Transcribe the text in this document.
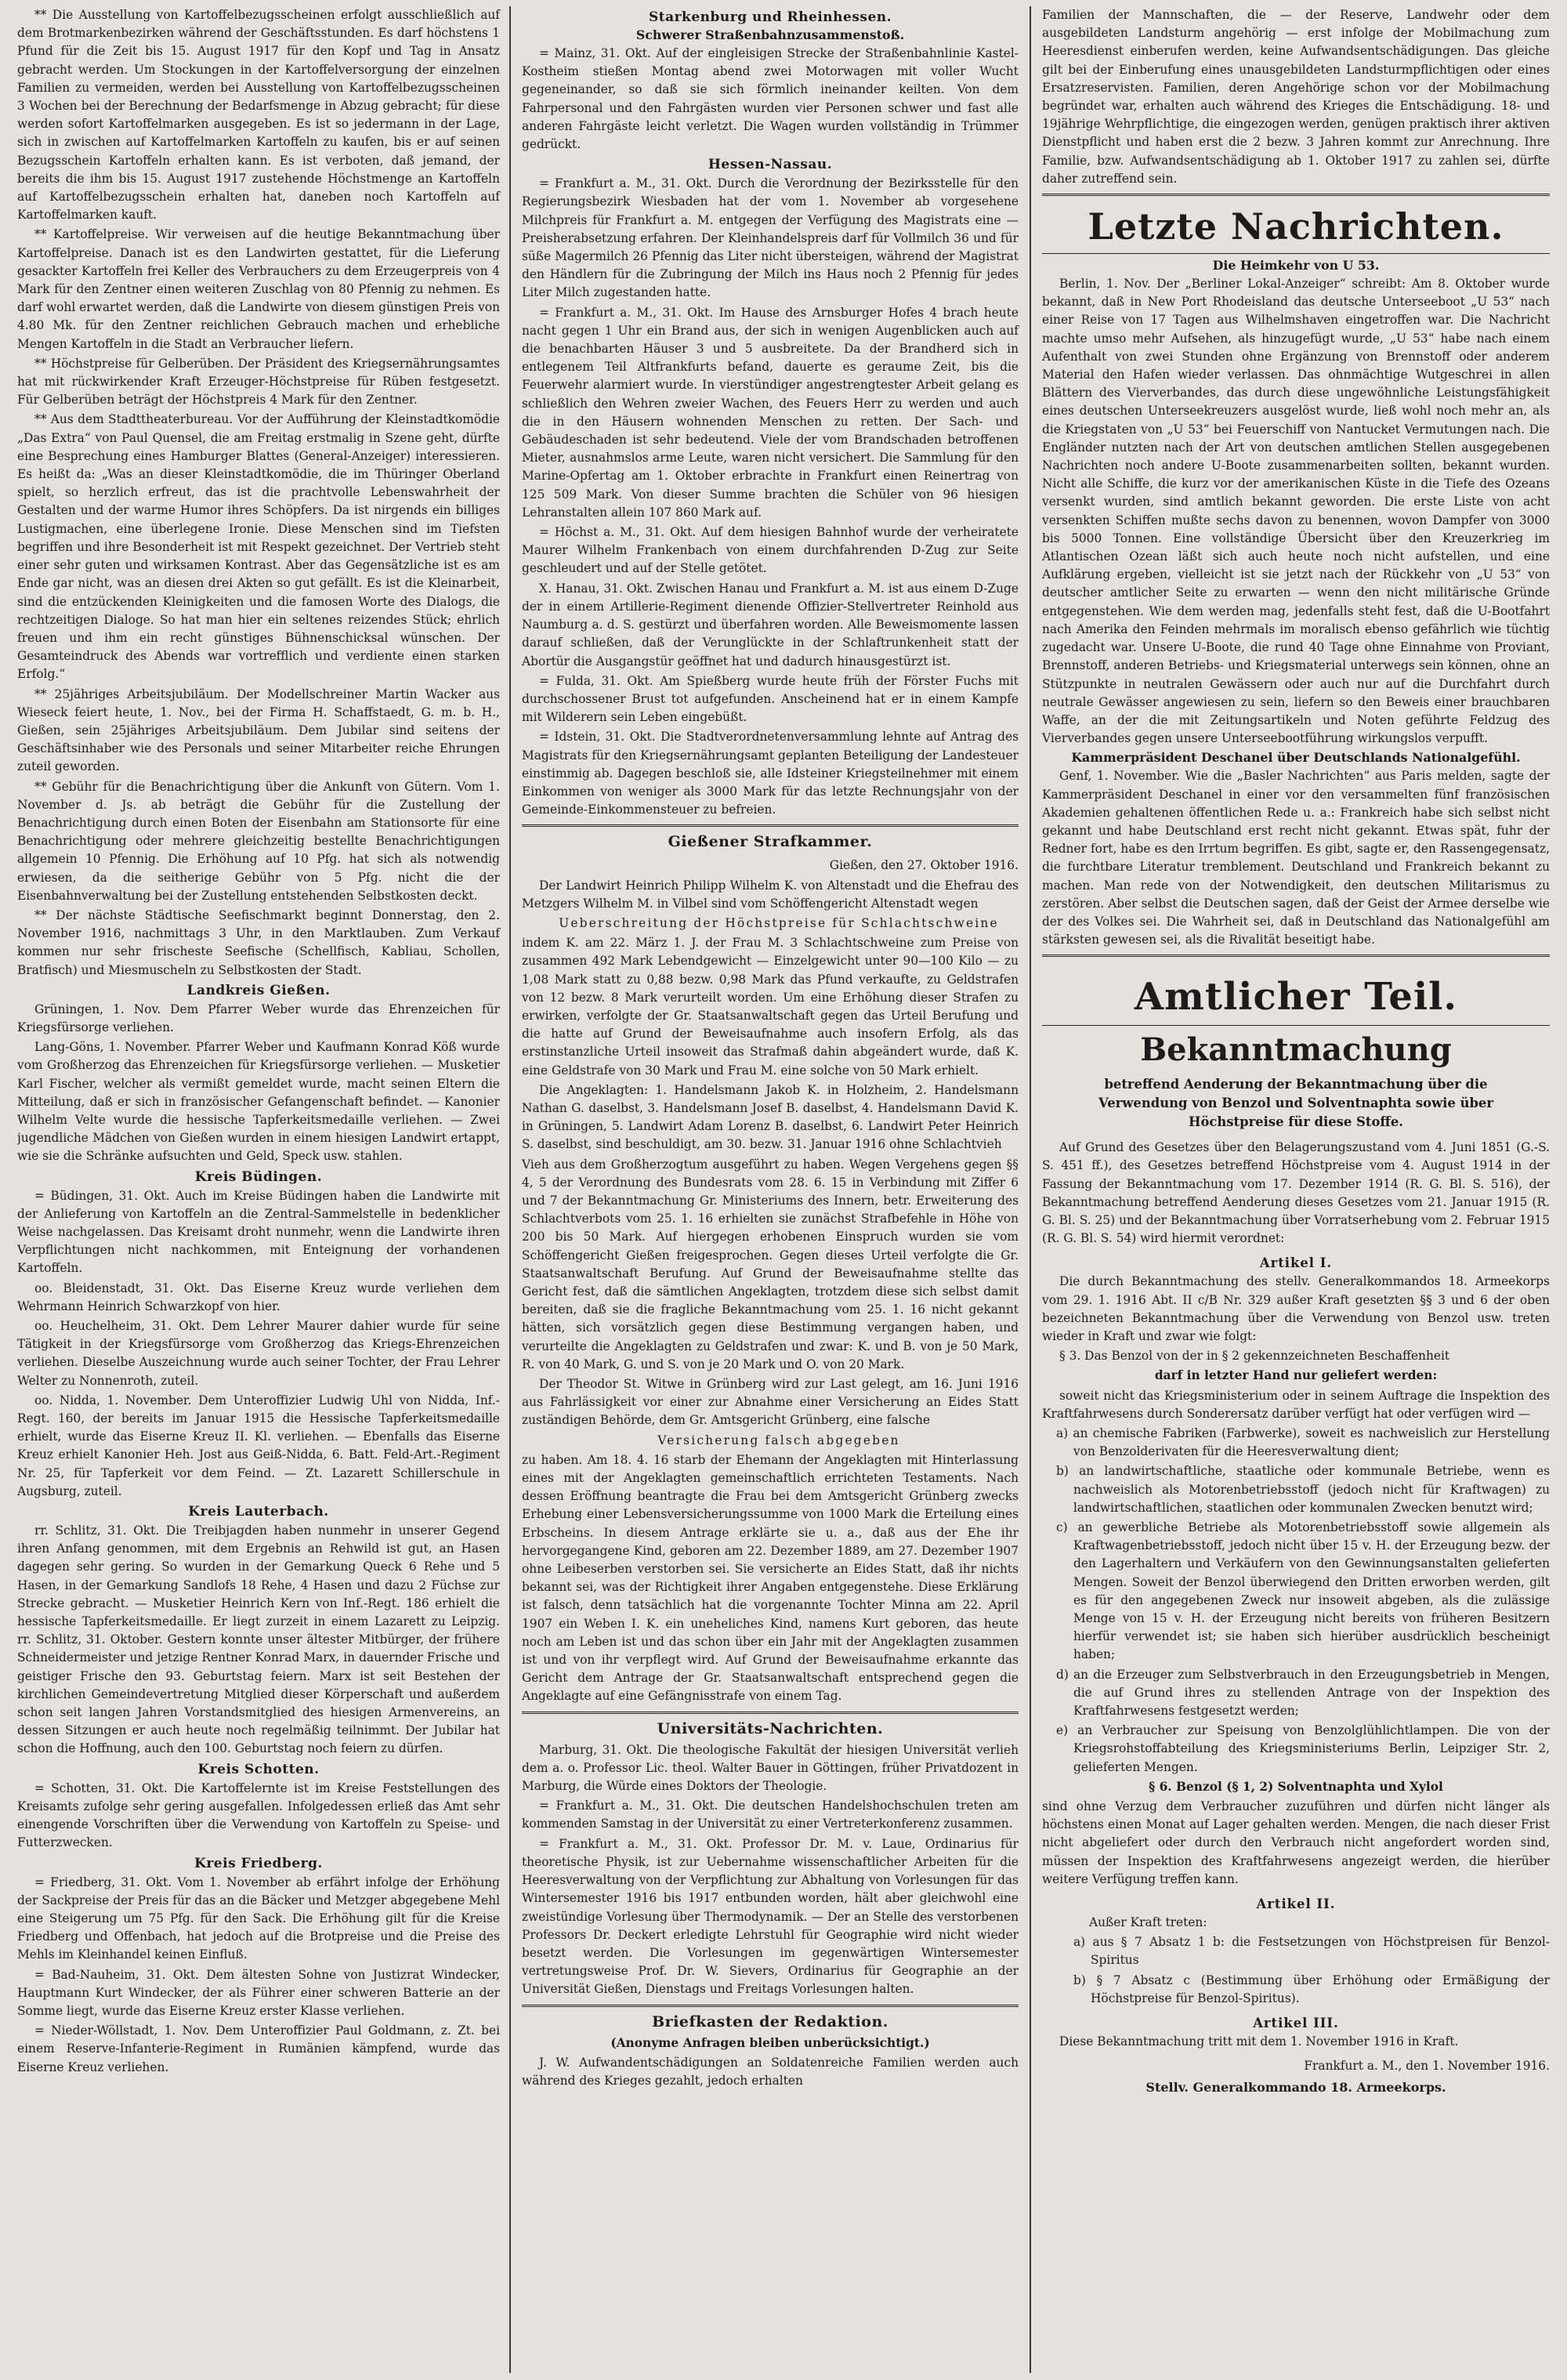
** Die Ausstellung von Kartoffelbezugsscheinen erfolgt ausschließlich auf dem Brotmarkenbezirken während der Geschäftsstunden. Es darf höchstens 1 Pfund für die Zeit bis 15. August 1917 für den Kopf und Tag in Ansatz gebracht werden. Um Stockungen in der Kartoffelversorgung der einzelnen Familien zu vermeiden, werden bei Ausstellung von Kartoffelbezugsscheinen 3 Wochen bei der Berechnung der Bedarfsmenge in Abzug gebracht; für diese werden sofort Kartoffelmarken ausgegeben. Es ist so jedermann in der Lage, sich in zwischen auf Kartoffelmarken Kartoffeln zu kaufen, bis er auf seinen Bezugsschein Kartoffeln erhalten kann. Es ist verboten, daß jemand, der bereits die ihm bis 15. August 1917 zustehende Höchstmenge an Kartoffeln auf Kartoffelbezugsschein erhalten hat, daneben noch Kartoffeln auf Kartoffelmarken kauft.

** Kartoffelpreise. Wir verweisen auf die heutige Bekanntmachung über Kartoffelpreise. Danach ist es den Landwirten gestattet, für die Lieferung gesackter Kartoffeln frei Keller des Verbrauchers zu dem Erzeugerpreis von 4 Mark für den Zentner einen weiteren Zuschlag von 80 Pfennig zu nehmen. Es darf wohl erwartet werden, daß die Landwirte von diesem günstigen Preis von 4.80 Mk. für den Zentner reichlichen Gebrauch machen und erhebliche Mengen Kartoffeln in die Stadt an Verbraucher liefern.

** Höchstpreise für Gelberüben. Der Präsident des Kriegsernährungsamtes hat mit rückwirkender Kraft Erzeuger-Höchstpreise für Rüben festgesetzt. Für Gelberüben beträgt der Höchstpreis 4 Mark für den Zentner.

** Aus dem Stadttheaterbureau. Vor der Aufführung der Kleinstadtkomödie „Das Extra“ von Paul Quensel, die am Freitag erstmalig in Szene geht, dürfte eine Besprechung eines Hamburger Blattes (General-Anzeiger) interessieren. Es heißt da: „Was an dieser Kleinstadtkomödie, die im Thüringer Oberland spielt, so herzlich erfreut, das ist die prachtvolle Lebenswahrheit der Gestalten und der warme Humor ihres Schöpfers. Da ist nirgends ein billiges Lustigmachen, eine überlegene Ironie. Diese Menschen sind im Tiefsten begriffen und ihre Besonderheit ist mit Respekt gezeichnet. Der Vertrieb steht einer sehr guten und wirksamen Kontrast. Aber das Gegensätzliche ist es am Ende gar nicht, was an diesen drei Akten so gut gefällt. Es ist die Kleinarbeit, sind die entzückenden Kleinigkeiten und die famosen Worte des Dialogs, die rechtzeitigen Dialoge. So hat man hier ein seltenes reizendes Stück; ehrlich freuen und ihm ein recht günstiges Bühnenschicksal wünschen. Der Gesamteindruck des Abends war vortrefflich und verdiente einen starken Erfolg.“

** 25jähriges Arbeitsjubiläum. Der Modellschreiner Martin Wacker aus Wieseck feiert heute, 1. Nov., bei der Firma H. Schaffstaedt, G. m. b. H., Gießen, sein 25jähriges Arbeitsjubiläum. Dem Jubilar sind seitens der Geschäftsinhaber wie des Personals und seiner Mitarbeiter reiche Ehrungen zuteil geworden.

** Gebühr für die Benachrichtigung über die Ankunft von Gütern. Vom 1. November d. Js. ab beträgt die Gebühr für die Zustellung der Benachrichtigung durch einen Boten der Eisenbahn am Stationsorte für eine Benachrichtigung oder mehrere gleichzeitig bestellte Benachrichtigungen allgemein 10 Pfennig. Die Erhöhung auf 10 Pfg. hat sich als notwendig erwiesen, da die seitherige Gebühr von 5 Pfg. nicht die der Eisenbahnverwaltung bei der Zustellung entstehenden Selbstkosten deckt.

** Der nächste Städtische Seefischmarkt beginnt Donnerstag, den 2. November 1916, nachmittags 3 Uhr, in den Marktlauben. Zum Verkauf kommen nur sehr frischeste Seefische (Schellfisch, Kabliau, Schollen, Bratfisch) und Miesmuscheln zu Selbstkosten der Stadt.

Landkreis Gießen.

Grüningen, 1. Nov. Dem Pfarrer Weber wurde das Ehrenzeichen für Kriegsfürsorge verliehen.

Lang-Göns, 1. November. Pfarrer Weber und Kaufmann Konrad Köß wurde vom Großherzog das Ehrenzeichen für Kriegsfürsorge verliehen. — Musketier Karl Fischer, welcher als vermißt gemeldet wurde, macht seinen Eltern die Mitteilung, daß er sich in französischer Gefangenschaft befindet. — Kanonier Wilhelm Velte wurde die hessische Tapferkeitsmedaille verliehen. — Zwei jugendliche Mädchen von Gießen wurden in einem hiesigen Landwirt ertappt, wie sie die Schränke aufsuchten und Geld, Speck usw. stahlen.

Kreis Büdingen.

= Büdingen, 31. Okt. Auch im Kreise Büdingen haben die Landwirte mit der Anlieferung von Kartoffeln an die Zentral-Sammelstelle in bedenklicher Weise nachgelassen. Das Kreisamt droht nunmehr, wenn die Landwirte ihren Verpflichtungen nicht nachkommen, mit Enteignung der vorhandenen Kartoffeln.

oo. Bleidenstadt, 31. Okt. Das Eiserne Kreuz wurde verliehen dem Wehrmann Heinrich Schwarzkopf von hier.

oo. Heuchelheim, 31. Okt. Dem Lehrer Maurer dahier wurde für seine Tätigkeit in der Kriegsfürsorge vom Großherzog das Kriegs-Ehrenzeichen verliehen. Dieselbe Auszeichnung wurde auch seiner Tochter, der Frau Lehrer Welter zu Nonnenroth, zuteil.

oo. Nidda, 1. November. Dem Unteroffizier Ludwig Uhl von Nidda, Inf.-Regt. 160, der bereits im Januar 1915 die Hessische Tapferkeitsmedaille erhielt, wurde das Eiserne Kreuz II. Kl. verliehen. — Ebenfalls das Eiserne Kreuz erhielt Kanonier Heh. Jost aus Geiß-Nidda, 6. Batt. Feld-Art.-Regiment Nr. 25, für Tapferkeit vor dem Feind. — Zt. Lazarett Schillerschule in Augsburg, zuteil.

Kreis Lauterbach.

rr. Schlitz, 31. Okt. Die Treibjagden haben nunmehr in unserer Gegend ihren Anfang genommen, mit dem Ergebnis an Rehwild ist gut, an Hasen dagegen sehr gering. So wurden in der Gemarkung Queck 6 Rehe und 5 Hasen, in der Gemarkung Sandlofs 18 Rehe, 4 Hasen und dazu 2 Füchse zur Strecke gebracht. — Musketier Heinrich Kern von Inf.-Regt. 186 erhielt die hessische Tapferkeitsmedaille. Er liegt zurzeit in einem Lazarett zu Leipzig. rr. Schlitz, 31. Oktober. Gestern konnte unser ältester Mitbürger, der frühere Schneidermeister und jetzige Rentner Konrad Marx, in dauernder Frische und geistiger Frische den 93. Geburtstag feiern. Marx ist seit Bestehen der kirchlichen Gemeindevertretung Mitglied dieser Körperschaft und außerdem schon seit langen Jahren Vorstandsmitglied des hiesigen Armenvereins, an dessen Sitzungen er auch heute noch regelmäßig teilnimmt. Der Jubilar hat schon die Hoffnung, auch den 100. Geburtstag noch feiern zu dürfen.

Kreis Schotten.

= Schotten, 31. Okt. Die Kartoffelernte ist im Kreise Feststellungen des Kreisamts zufolge sehr gering ausgefallen. Infolgedessen erließ das Amt sehr einengende Vorschriften über die Verwendung von Kartoffeln zu Speise- und Futterzwecken.

Kreis Friedberg.

= Friedberg, 31. Okt. Vom 1. November ab erfährt infolge der Erhöhung der Sackpreise der Preis für das an die Bäcker und Metzger abgegebene Mehl eine Steigerung um 75 Pfg. für den Sack. Die Erhöhung gilt für die Kreise Friedberg und Offenbach, hat jedoch auf die Brotpreise und die Preise des Mehls im Kleinhandel keinen Einfluß.

= Bad-Nauheim, 31. Okt. Dem ältesten Sohne von Justizrat Windecker, Hauptmann Kurt Windecker, der als Führer einer schweren Batterie an der Somme liegt, wurde das Eiserne Kreuz erster Klasse verliehen.

= Nieder-Wöllstadt, 1. Nov. Dem Unteroffizier Paul Goldmann, z. Zt. bei einem Reserve-Infanterie-Regiment in Rumänien kämpfend, wurde das Eiserne Kreuz verliehen.

Starkenburg und Rheinhessen.
Schwerer Straßenbahnzusammenstoß.

= Mainz, 31. Okt. Auf der eingleisigen Strecke der Straßenbahnlinie Kastel-Kostheim stießen Montag abend zwei Motorwagen mit voller Wucht gegeneinander, so daß sie sich förmlich ineinander keilten. Von dem Fahrpersonal und den Fahrgästen wurden vier Personen schwer und fast alle anderen Fahrgäste leicht verletzt. Die Wagen wurden vollständig in Trümmer gedrückt.

Hessen-Nassau.

= Frankfurt a. M., 31. Okt. Durch die Verordnung der Bezirksstelle für den Regierungsbezirk Wiesbaden hat der vom 1. November ab vorgesehene Milchpreis für Frankfurt a. M. entgegen der Verfügung des Magistrats eine — Preisherabsetzung erfahren. Der Kleinhandelspreis darf für Vollmilch 36 und für süße Magermilch 26 Pfennig das Liter nicht übersteigen, während der Magistrat den Händlern für die Zubringung der Milch ins Haus noch 2 Pfennig für jedes Liter Milch zugestanden hatte.

= Frankfurt a. M., 31. Okt. Im Hause des Arnsburger Hofes 4 brach heute nacht gegen 1 Uhr ein Brand aus, der sich in wenigen Augenblicken auch auf die benachbarten Häuser 3 und 5 ausbreitete. Da der Brandherd sich in entlegenem Teil Altfrankfurts befand, dauerte es geraume Zeit, bis die Feuerwehr alarmiert wurde. In vierstündiger angestrengtester Arbeit gelang es schließlich den Wehren zweier Wachen, des Feuers Herr zu werden und auch die in den Häusern wohnenden Menschen zu retten. Der Sach- und Gebäudeschaden ist sehr bedeutend. Viele der vom Brandschaden betroffenen Mieter, ausnahmslos arme Leute, waren nicht versichert. Die Sammlung für den Marine-Opfertag am 1. Oktober erbrachte in Frankfurt einen Reinertrag von 125 509 Mark. Von dieser Summe brachten die Schüler von 96 hiesigen Lehranstalten allein 107 860 Mark auf.

= Höchst a. M., 31. Okt. Auf dem hiesigen Bahnhof wurde der verheiratete Maurer Wilhelm Frankenbach von einem durchfahrenden D-Zug zur Seite geschleudert und auf der Stelle getötet.

X. Hanau, 31. Okt. Zwischen Hanau und Frankfurt a. M. ist aus einem D-Zuge der in einem Artillerie-Regiment dienende Offizier-Stellvertreter Reinhold aus Naumburg a. d. S. gestürzt und überfahren worden. Alle Beweismomente lassen darauf schließen, daß der Verunglückte in der Schlaftrunkenheit statt der Abortür die Ausgangstür geöffnet hat und dadurch hinausgestürzt ist.

= Fulda, 31. Okt. Am Spießberg wurde heute früh der Förster Fuchs mit durchschossener Brust tot aufgefunden. Anscheinend hat er in einem Kampfe mit Wilderern sein Leben eingebüßt.

= Idstein, 31. Okt. Die Stadtverordnetenversammlung lehnte auf Antrag des Magistrats für den Kriegsernährungsamt geplanten Beteiligung der Landesteuer einstimmig ab. Dagegen beschloß sie, alle Idsteiner Kriegsteilnehmer mit einem Einkommen von weniger als 3000 Mark für das letzte Rechnungsjahr von der Gemeinde-Einkommensteuer zu befreien.

Gießener Strafkammer.

Gießen, den 27. Oktober 1916.

Der Landwirt Heinrich Philipp Wilhelm K. von Altenstadt und die Ehefrau des Metzgers Wilhelm M. in Vilbel sind vom Schöffengericht Altenstadt wegen

Ueberschreitung der Höchstpreise für Schlachtschweine

indem K. am 22. März 1. J. der Frau M. 3 Schlachtschweine zum Preise von zusammen 492 Mark Lebendgewicht — Einzelgewicht unter 90—100 Kilo — zu 1,08 Mark statt zu 0,88 bezw. 0,98 Mark das Pfund verkaufte, zu Geldstrafen von 12 bezw. 8 Mark verurteilt worden. Um eine Erhöhung dieser Strafen zu erwirken, verfolgte der Gr. Staatsanwaltschaft gegen das Urteil Berufung und die hatte auf Grund der Beweisaufnahme auch insofern Erfolg, als das erstinstanzliche Urteil insoweit das Strafmaß dahin abgeändert wurde, daß K. eine Geldstrafe von 30 Mark und Frau M. eine solche von 50 Mark erhielt.

Die Angeklagten: 1. Handelsmann Jakob K. in Holzheim, 2. Handelsmann Nathan G. daselbst, 3. Handelsmann Josef B. daselbst, 4. Handelsmann David K. in Grüningen, 5. Landwirt Adam Lorenz B. daselbst, 6. Landwirt Peter Heinrich S. daselbst, sind beschuldigt, am 30. bezw. 31. Januar 1916 ohne Schlachtvieh

Vieh aus dem Großherzogtum ausgeführt zu haben. Wegen Vergehens gegen §§ 4, 5 der Verordnung des Bundesrats vom 28. 6. 15 in Verbindung mit Ziffer 6 und 7 der Bekanntmachung Gr. Ministeriums des Innern, betr. Erweiterung des Schlachtverbots vom 25. 1. 16 erhielten sie zunächst Strafbefehle in Höhe von 200 bis 50 Mark. Auf hiergegen erhobenen Einspruch wurden sie vom Schöffengericht Gießen freigesprochen. Gegen dieses Urteil verfolgte die Gr. Staatsanwaltschaft Berufung. Auf Grund der Beweisaufnahme stellte das Gericht fest, daß die sämtlichen Angeklagten, trotzdem diese sich selbst damit bereiten, daß sie die fragliche Bekanntmachung vom 25. 1. 16 nicht gekannt hätten, sich vorsätzlich gegen diese Bestimmung vergangen haben, und verurteilte die Angeklagten zu Geldstrafen und zwar: K. und B. von je 50 Mark, R. von 40 Mark, G. und S. von je 20 Mark und O. von 20 Mark.

Der Theodor St. Witwe in Grünberg wird zur Last gelegt, am 16. Juni 1916 aus Fahrlässigkeit vor einer zur Abnahme einer Versicherung an Eides Statt zuständigen Behörde, dem Gr. Amtsgericht Grünberg, eine falsche

Versicherung falsch abgegeben

zu haben. Am 18. 4. 16 starb der Ehemann der Angeklagten mit Hinterlassung eines mit der Angeklagten gemeinschaftlich errichteten Testaments. Nach dessen Eröffnung beantragte die Frau bei dem Amtsgericht Grünberg zwecks Erhebung einer Lebensversicherungssumme von 1000 Mark die Erteilung eines Erbscheins. In diesem Antrage erklärte sie u. a., daß aus der Ehe ihr hervorgegangene Kind, geboren am 22. Dezember 1889, am 27. Dezember 1907 ohne Leibeserben verstorben sei. Sie versicherte an Eides Statt, daß ihr nichts bekannt sei, was der Richtigkeit ihrer Angaben entgegenstehe. Diese Erklärung ist falsch, denn tatsächlich hat die vorgenannte Tochter Minna am 22. April 1907 ein Weben I. K. ein uneheliches Kind, namens Kurt geboren, das heute noch am Leben ist und das schon über ein Jahr mit der Angeklagten zusammen ist und von ihr verpflegt wird. Auf Grund der Beweisaufnahme erkannte das Gericht dem Antrage der Gr. Staatsanwaltschaft entsprechend gegen die Angeklagte auf eine Gefängnisstrafe von einem Tag.

Universitäts-Nachrichten.

Marburg, 31. Okt. Die theologische Fakultät der hiesigen Universität verlieh dem a. o. Professor Lic. theol. Walter Bauer in Göttingen, früher Privatdozent in Marburg, die Würde eines Doktors der Theologie.

= Frankfurt a. M., 31. Okt. Die deutschen Handelshochschulen treten am kommenden Samstag in der Universität zu einer Vertreterkonferenz zusammen.

= Frankfurt a. M., 31. Okt. Professor Dr. M. v. Laue, Ordinarius für theoretische Physik, ist zur Uebernahme wissenschaftlicher Arbeiten für die Heeresverwaltung von der Verpflichtung zur Abhaltung von Vorlesungen für das Wintersemester 1916 bis 1917 entbunden worden, hält aber gleichwohl eine zweistündige Vorlesung über Thermodynamik. — Der an Stelle des verstorbenen Professors Dr. Deckert erledigte Lehrstuhl für Geographie wird nicht wieder besetzt werden. Die Vorlesungen im gegenwärtigen Wintersemester vertretungsweise Prof. Dr. W. Sievers, Ordinarius für Geographie an der Universität Gießen, Dienstags und Freitags Vorlesungen halten.

Briefkasten der Redaktion.

(Anonyme Anfragen bleiben unberücksichtigt.)

J. W. Aufwandentschädigungen an Soldatenreiche Familien werden auch während des Krieges gezahlt, jedoch erhalten

Familien der Mannschaften, die — der Reserve, Landwehr oder dem ausgebildeten Landsturm angehörig — erst infolge der Mobilmachung zum Heeresdienst einberufen werden, keine Aufwandsentschädigungen. Das gleiche gilt bei der Einberufung eines unausgebildeten Landsturmpflichtigen oder eines Ersatzreservisten. Familien, deren Angehörige schon vor der Mobilmachung begründet war, erhalten auch während des Krieges die Entschädigung. 18- und 19jährige Wehrpflichtige, die eingezogen werden, genügen praktisch ihrer aktiven Dienstpflicht und haben erst die 2 bezw. 3 Jahren kommt zur Anrechnung. Ihre Familie, bzw. Aufwandsentschädigung ab 1. Oktober 1917 zu zahlen sei, dürfte daher zutreffend sein.

Letzte Nachrichten.
Die Heimkehr von U 53.

Berlin, 1. Nov. Der „Berliner Lokal-Anzeiger“ schreibt: Am 8. Oktober wurde bekannt, daß in New Port Rhodeisland das deutsche Unterseeboot „U 53“ nach einer Reise von 17 Tagen aus Wilhelmshaven eingetroffen war. Die Nachricht machte umso mehr Aufsehen, als hinzugefügt wurde, „U 53“ habe nach einem Aufenthalt von zwei Stunden ohne Ergänzung von Brennstoff oder anderem Material den Hafen wieder verlassen. Das ohnmächtige Wutgeschrei in allen Blättern des Vierverbandes, das durch diese ungewöhnliche Leistungsfähigkeit eines deutschen Unterseekreuzers ausgelöst wurde, ließ wohl noch mehr an, als die Kriegstaten von „U 53“ bei Feuerschiff von Nantucket Vermutungen nach. Die Engländer nutzten nach der Art von deutschen amtlichen Stellen ausgegebenen Nachrichten noch andere U-Boote zusammenarbeiten sollten, bekannt wurden. Nicht alle Schiffe, die kurz vor der amerikanischen Küste in die Tiefe des Ozeans versenkt wurden, sind amtlich bekannt geworden. Die erste Liste von acht versenkten Schiffen mußte sechs davon zu benennen, wovon Dampfer von 3000 bis 5000 Tonnen. Eine vollständige Übersicht über den Kreuzerkrieg im Atlantischen Ozean läßt sich auch heute noch nicht aufstellen, und eine Aufklärung ergeben, vielleicht ist sie jetzt nach der Rückkehr von „U 53“ von deutscher amtlicher Seite zu erwarten — wenn den nicht militärische Gründe entgegenstehen. Wie dem werden mag, jedenfalls steht fest, daß die U-Bootfahrt nach Amerika den Feinden mehrmals im moralisch ebenso gefährlich wie tüchtig zugedacht war. Unsere U-Boote, die rund 40 Tage ohne Einnahme von Proviant, Brennstoff, anderen Betriebs- und Kriegsmaterial unterwegs sein können, ohne an Stützpunkte in neutralen Gewässern oder auch nur auf die Durchfahrt durch neutrale Gewässer angewiesen zu sein, liefern so den Beweis einer brauchbaren Waffe, an der die mit Zeitungsartikeln und Noten geführte Feldzug des Vierverbandes gegen unsere Unterseebootführung wirkungslos verpufft.

Kammerpräsident Deschanel über Deutschlands Nationalgefühl.

Genf, 1. November. Wie die „Basler Nachrichten“ aus Paris melden, sagte der Kammerpräsident Deschanel in einer vor den versammelten fünf französischen Akademien gehaltenen öffentlichen Rede u. a.: Frankreich habe sich selbst nicht gekannt und habe Deutschland erst recht nicht gekannt. Etwas spät, fuhr der Redner fort, habe es den Irrtum begriffen. Es gibt, sagte er, den Rassengegensatz, die furchtbare Literatur tremblement. Deutschland und Frankreich bekannt zu machen. Man rede von der Notwendigkeit, den deutschen Militarismus zu zerstören. Aber selbst die Deutschen sagen, daß der Geist der Armee derselbe wie der des Volkes sei. Die Wahrheit sei, daß in Deutschland das Nationalgefühl am stärksten gewesen sei, als die Rivalität beseitigt habe.

Amtlicher Teil.
Bekanntmachung
betreffend Aenderung der Bekanntmachung über die Verwendung von Benzol und Solventnaphta sowie über Höchstpreise für diese Stoffe.

Auf Grund des Gesetzes über den Belagerungszustand vom 4. Juni 1851 (G.-S. S. 451 ff.), des Gesetzes betreffend Höchstpreise vom 4. August 1914 in der Fassung der Bekanntmachung vom 17. Dezember 1914 (R. G. Bl. S. 516), der Bekanntmachung betreffend Aenderung dieses Gesetzes vom 21. Januar 1915 (R. G. Bl. S. 25) und der Bekanntmachung über Vorratserhebung vom 2. Februar 1915 (R. G. Bl. S. 54) wird hiermit verordnet:

Artikel I.

Die durch Bekanntmachung des stellv. Generalkommandos 18. Armeekorps vom 29. 1. 1916 Abt. II c/B Nr. 329 außer Kraft gesetzten §§ 3 und 6 der oben bezeichneten Bekanntmachung über die Verwendung von Benzol usw. treten wieder in Kraft und zwar wie folgt:

§ 3. Das Benzol von der in § 2 gekennzeichneten Beschaffenheit

darf in letzter Hand nur geliefert werden:

soweit nicht das Kriegsministerium oder in seinem Auftrage die Inspektion des Kraftfahrwesens durch Sonderersatz darüber verfügt hat oder verfügen wird —

a) an chemische Fabriken (Farbwerke), soweit es nachweislich zur Herstellung von Benzolderivaten für die Heeresverwaltung dient;

b) an landwirtschaftliche, staatliche oder kommunale Betriebe, wenn es nachweislich als Motorenbetriebsstoff (jedoch nicht für Kraftwagen) zu landwirtschaftlichen, staatlichen oder kommunalen Zwecken benutzt wird;

c) an gewerbliche Betriebe als Motorenbetriebsstoff sowie allgemein als Kraftwagenbetriebsstoff, jedoch nicht über 15 v. H. der Erzeugung bezw. der den Lagerhaltern und Verkäufern von den Gewinnungsanstalten gelieferten Mengen. Soweit der Benzol überwiegend den Dritten erworben werden, gilt es für den angegebenen Zweck nur insoweit abgeben, als die zulässige Menge von 15 v. H. der Erzeugung nicht bereits von früheren Besitzern hierfür verwendet ist; sie haben sich hierüber ausdrücklich bescheinigt haben;

d) an die Erzeuger zum Selbstverbrauch in den Erzeugungsbetrieb in Mengen, die auf Grund ihres zu stellenden Antrage von der Inspektion des Kraftfahrwesens festgesetzt werden;

e) an Verbraucher zur Speisung von Benzolglühlichtlampen. Die von der Kriegsrohstoffabteilung des Kriegsministeriums Berlin, Leipziger Str. 2, gelieferten Mengen.

§ 6. Benzol (§ 1, 2) Solventnaphta und Xylol

sind ohne Verzug dem Verbraucher zuzuführen und dürfen nicht länger als höchstens einen Monat auf Lager gehalten werden. Mengen, die nach dieser Frist nicht abgeliefert oder durch den Verbrauch nicht angefordert worden sind, müssen der Inspektion des Kraftfahrwesens angezeigt werden, die hierüber weitere Verfügung treffen kann.

Artikel II.

Außer Kraft treten:

a) aus § 7 Absatz 1 b: die Festsetzungen von Höchstpreisen für Benzol-Spiritus

b) § 7 Absatz c (Bestimmung über Erhöhung oder Ermäßigung der Höchstpreise für Benzol-Spiritus).

Artikel III.

Diese Bekanntmachung tritt mit dem 1. November 1916 in Kraft.

Frankfurt a. M., den 1. November 1916.

Stellv. Generalkommando 18. Armeekorps.
